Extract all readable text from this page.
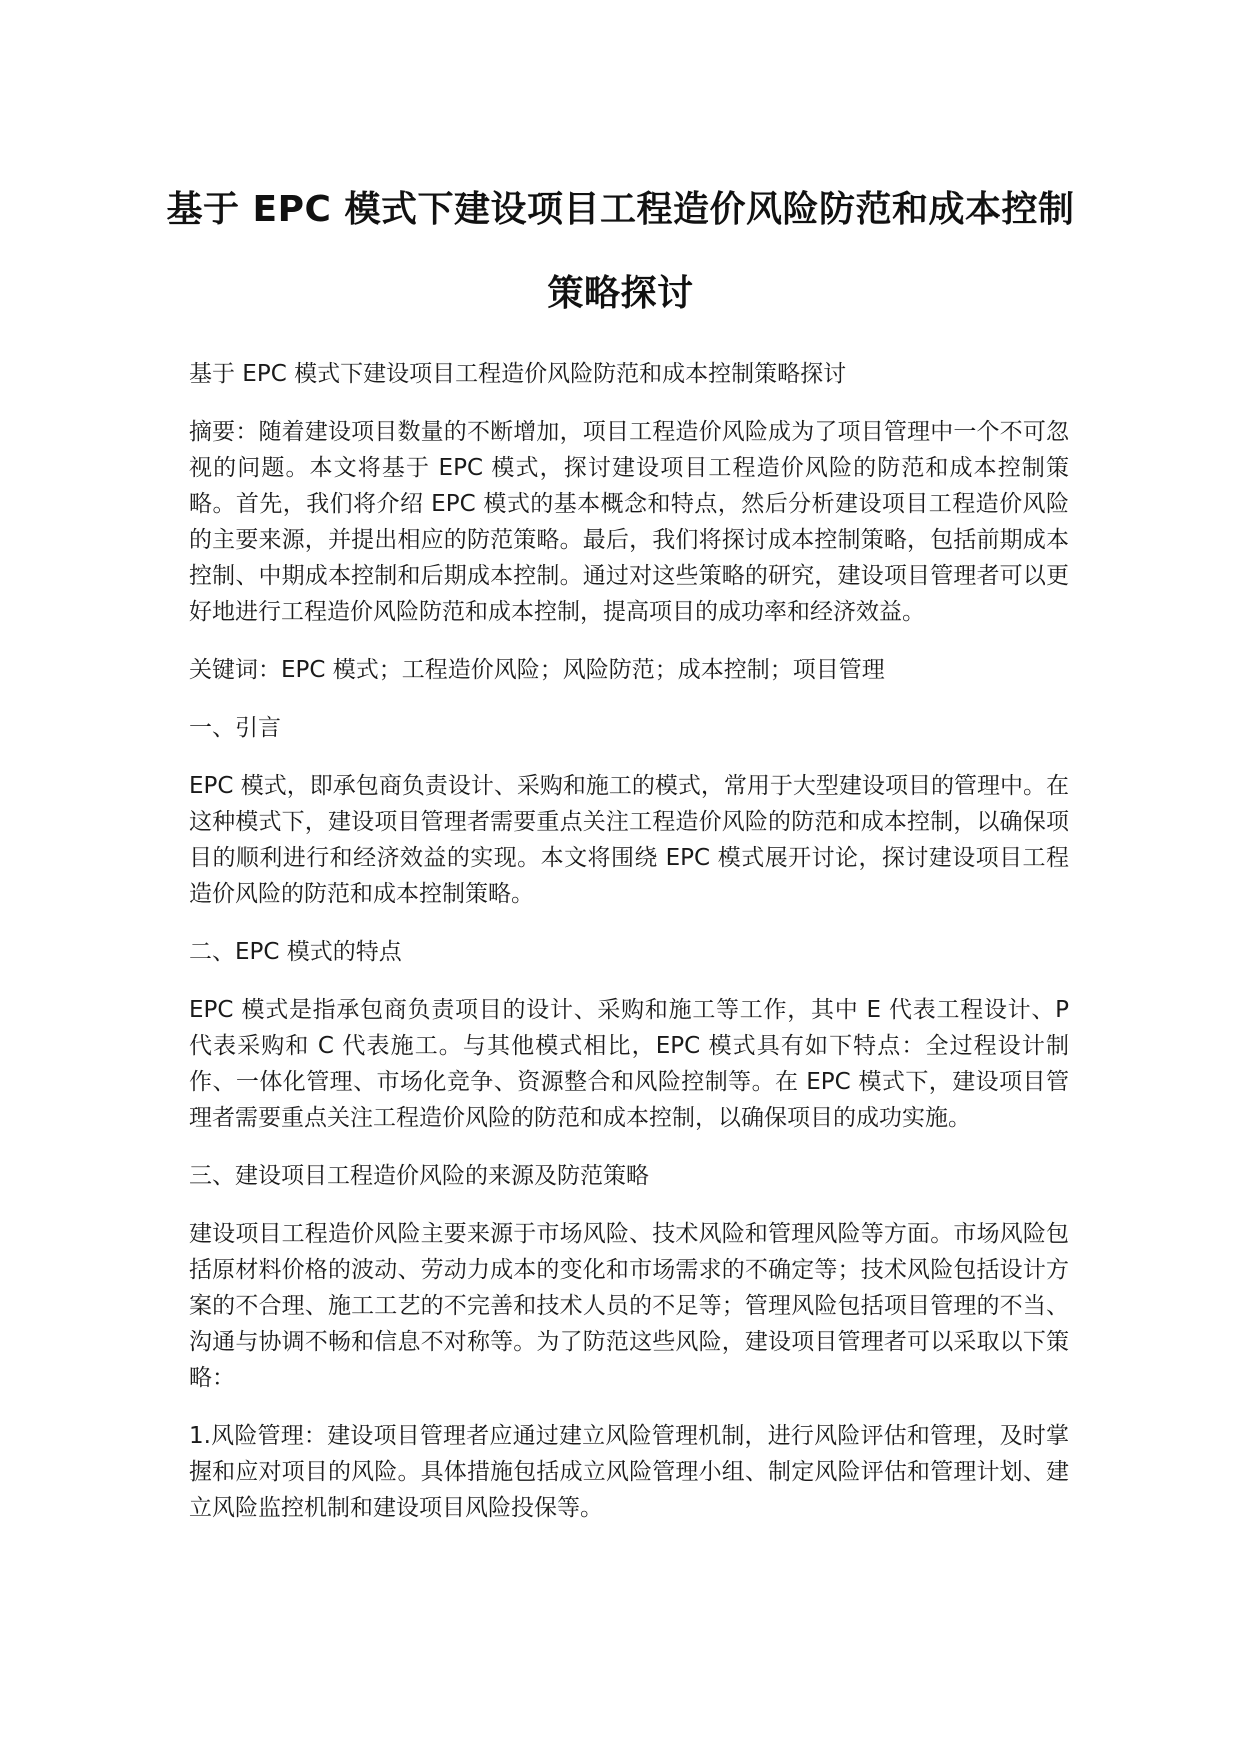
基于 EPC 模式下建设项目工程造价风险防范和成本控制策略探讨

基于 EPC 模式下建设项目工程造价风险防范和成本控制策略探讨

摘要：随着建设项目数量的不断增加，项目工程造价风险成为了项目管理中一个不可忽视的问题。本文将基于 EPC 模式，探讨建设项目工程造价风险的防范和成本控制策略。首先，我们将介绍 EPC 模式的基本概念和特点，然后分析建设项目工程造价风险的主要来源，并提出相应的防范策略。最后，我们将探讨成本控制策略，包括前期成本控制、中期成本控制和后期成本控制。通过对这些策略的研究，建设项目管理者可以更好地进行工程造价风险防范和成本控制，提高项目的成功率和经济效益。

关键词：EPC 模式；工程造价风险；风险防范；成本控制；项目管理

一、引言

EPC 模式，即承包商负责设计、采购和施工的模式，常用于大型建设项目的管理中。在这种模式下，建设项目管理者需要重点关注工程造价风险的防范和成本控制，以确保项目的顺利进行和经济效益的实现。本文将围绕 EPC 模式展开讨论，探讨建设项目工程造价风险的防范和成本控制策略。

二、EPC 模式的特点

EPC 模式是指承包商负责项目的设计、采购和施工等工作，其中 E 代表工程设计、P 代表采购和 C 代表施工。与其他模式相比，EPC 模式具有如下特点：全过程设计制作、一体化管理、市场化竞争、资源整合和风险控制等。在 EPC 模式下，建设项目管理者需要重点关注工程造价风险的防范和成本控制，以确保项目的成功实施。

三、建设项目工程造价风险的来源及防范策略

建设项目工程造价风险主要来源于市场风险、技术风险和管理风险等方面。市场风险包括原材料价格的波动、劳动力成本的变化和市场需求的不确定等；技术风险包括设计方案的不合理、施工工艺的不完善和技术人员的不足等；管理风险包括项目管理的不当、沟通与协调不畅和信息不对称等。为了防范这些风险，建设项目管理者可以采取以下策略：

1.风险管理：建设项目管理者应通过建立风险管理机制，进行风险评估和管理，及时掌握和应对项目的风险。具体措施包括成立风险管理小组、制定风险评估和管理计划、建立风险监控机制和建设项目风险投保等。
